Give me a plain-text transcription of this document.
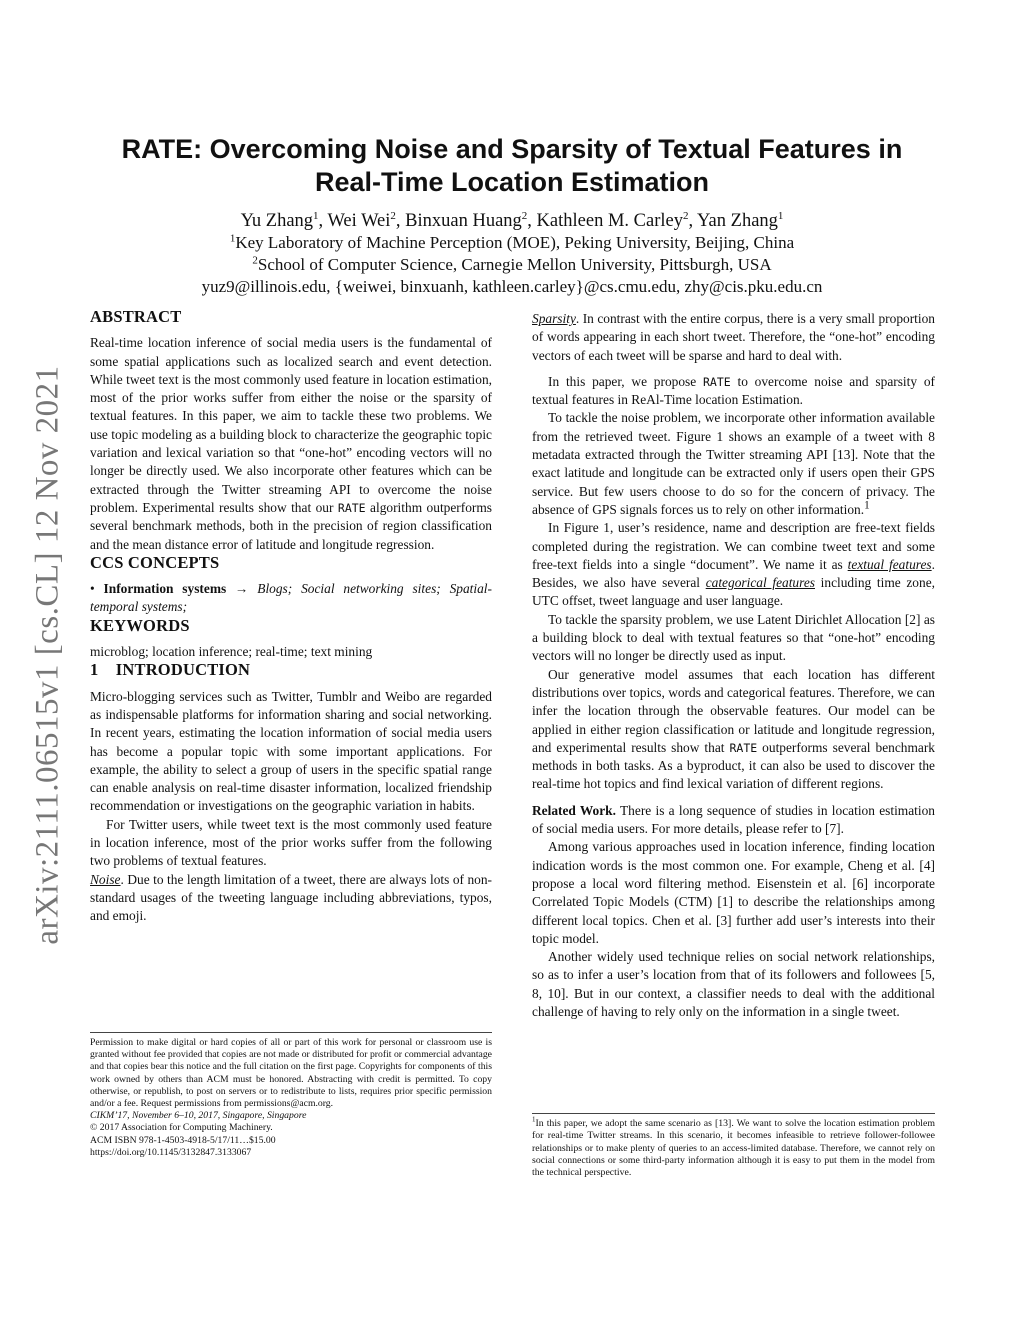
arXiv:2111.06515v1 [cs.CL] 12 Nov 2021
RATE: Overcoming Noise and Sparsity of Textual Features in
Real-Time Location Estimation
Yu Zhang$^1$, Wei Wei$^2$, Binxuan Huang$^2$, Kathleen M. Carley$^2$, Yan Zhang$^1$
$^1$Key Laboratory of Machine Perception (MOE), Peking University, Beijing, China
$^2$School of Computer Science, Carnegie Mellon University, Pittsburgh, USA
yuz9@illinois.edu, {weiwei, binxuanh, kathleen.carley}@cs.cmu.edu, zhy@cis.pku.edu.cn
ABSTRACT

Real-time location inference of social media users is the fundamental of some spatial applications such as localized search and event detection. While tweet text is the most commonly used feature in location estimation, most of the prior works suffer from either the noise or the sparsity of textual features. In this paper, we aim to tackle these two problems. We use topic modeling as a building block to characterize the geographic topic variation and lexical variation so that “one-hot” encoding vectors will no longer be directly used. We also incorporate other features which can be extracted through the Twitter streaming API to overcome the noise problem. Experimental results show that our RATE algorithm outperforms several benchmark methods, both in the precision of region classification and the mean distance error of latitude and longitude regression.

CCS CONCEPTS

• Information systems → Blogs; Social networking sites; Spatial-temporal systems;

KEYWORDS

microblog; location inference; real-time; text mining

1    INTRODUCTION

Micro-blogging services such as Twitter, Tumblr and Weibo are regarded as indispensable platforms for information sharing and social networking. In recent years, estimating the location information of social media users has become a popular topic with some important applications. For example, the ability to select a group of users in the specific spatial range can enable analysis on real-time disaster information, localized friendship recommendation or investigations on the geographic variation in habits.

For Twitter users, while tweet text is the most commonly used feature in location inference, most of the prior works suffer from the following two problems of textual features.

Noise. Due to the length limitation of a tweet, there are always lots of non-standard usages of the tweeting language including abbreviations, typos, and emoji.

Permission to make digital or hard copies of all or part of this work for personal or classroom use is granted without fee provided that copies are not made or distributed for profit or commercial advantage and that copies bear this notice and the full citation on the first page. Copyrights for components of this work owned by others than ACM must be honored. Abstracting with credit is permitted. To copy otherwise, or republish, to post on servers or to redistribute to lists, requires prior specific permission and/or a fee. Request permissions from permissions@acm.org.

CIKM’17, November 6–10, 2017, Singapore, Singapore

© 2017 Association for Computing Machinery.

ACM ISBN 978-1-4503-4918-5/17/11…$15.00

https://doi.org/10.1145/3132847.3133067

Sparsity. In contrast with the entire corpus, there is a very small proportion of words appearing in each short tweet. Therefore, the “one-hot” encoding vectors of each tweet will be sparse and hard to deal with.

In this paper, we propose RATE to overcome noise and sparsity of textual features in ReAl-Time location Estimation.

To tackle the noise problem, we incorporate other information available from the retrieved tweet. Figure 1 shows an example of a tweet with 8 metadata extracted through the Twitter streaming API [13]. Note that the exact latitude and longitude can be extracted only if users open their GPS service. But few users choose to do so for the concern of privacy. The absence of GPS signals forces us to rely on other information.$^1$

In Figure 1, user’s residence, name and description are free-text fields completed during the registration. We can combine tweet text and some free-text fields into a single “document”. We name it as textual features. Besides, we also have several categorical features including time zone, UTC offset, tweet language and user language.

To tackle the sparsity problem, we use Latent Dirichlet Allocation [2] as a building block to deal with textual features so that “one-hot” encoding vectors will no longer be directly used as input.

Our generative model assumes that each location has different distributions over topics, words and categorical features. Therefore, we can infer the location through the observable features. Our model can be applied in either region classification or latitude and longitude regression, and experimental results show that RATE outperforms several benchmark methods in both tasks. As a byproduct, it can also be used to discover the real-time hot topics and find lexical variation of different regions.

Related Work. There is a long sequence of studies in location estimation of social media users. For more details, please refer to [7].

Among various approaches used in location inference, finding location indication words is the most common one. For example, Cheng et al. [4] propose a local word filtering method. Eisenstein et al. [6] incorporate Correlated Topic Models (CTM) [1] to describe the relationships among different local topics. Chen et al. [3] further add user’s interests into their topic model.

Another widely used technique relies on social network relationships, so as to infer a user’s location from that of its followers and followees [5, 8, 10]. But in our context, a classifier needs to deal with the additional challenge of having to rely only on the information in a single tweet.

$^1$In this paper, we adopt the same scenario as [13]. We want to solve the location estimation problem for real-time Twitter streams. In this scenario, it becomes infeasible to retrieve follower-followee relationships or to make plenty of queries to an access-limited database. Therefore, we cannot rely on social connections or some third-party information although it is easy to put them in the model from the technical perspective.
